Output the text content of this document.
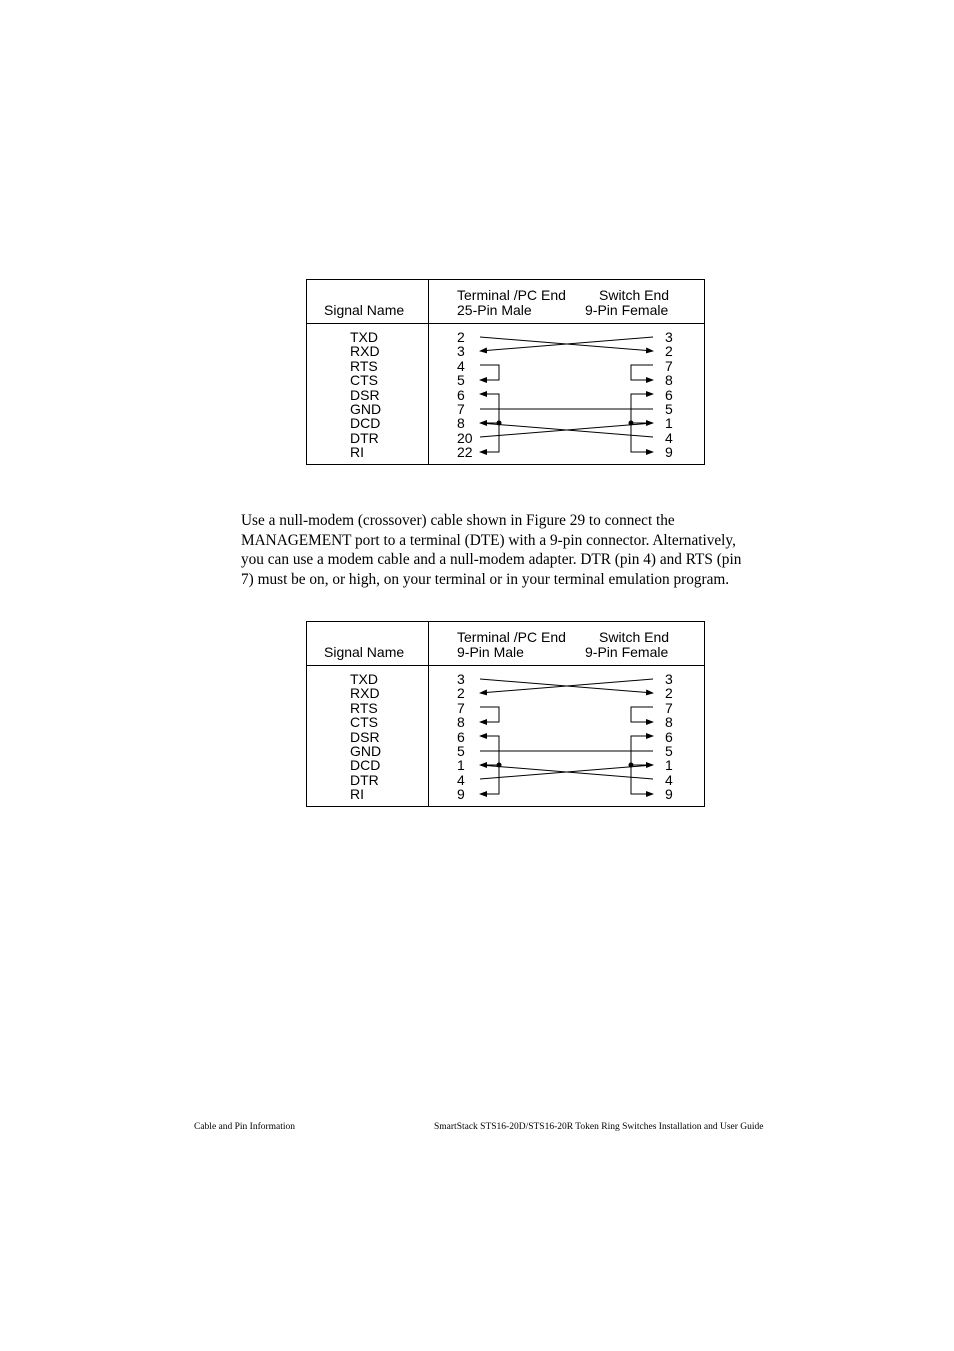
Signal Name
Terminal /PC End
25-Pin Male
Switch End
9-Pin Female
TXD
RXD
RTS
CTS
DSR
GND
DCD
DTR
RI
2
3
4
5
6
7
8
20
22
3
2
7
8
6
5
1
4
9
Use a null-modem (crossover) cable shown in Figure 29 to connect the
MANAGEMENT port to a terminal (DTE) with a 9-pin connector. Alternatively,
you can use a modem cable and a null-modem adapter. DTR (pin 4) and RTS (pin
7) must be on, or high, on your terminal or in your terminal emulation program.
Signal Name
Terminal /PC End
9-Pin Male
Switch End
9-Pin Female
TXD
RXD
RTS
CTS
DSR
GND
DCD
DTR
RI
3
2
7
8
6
5
1
4
9
3
2
7
8
6
5
1
4
9
Cable and Pin Information	SmartStack STS16-20D/STS16-20R Token Ring Switches Installation and User Guide
